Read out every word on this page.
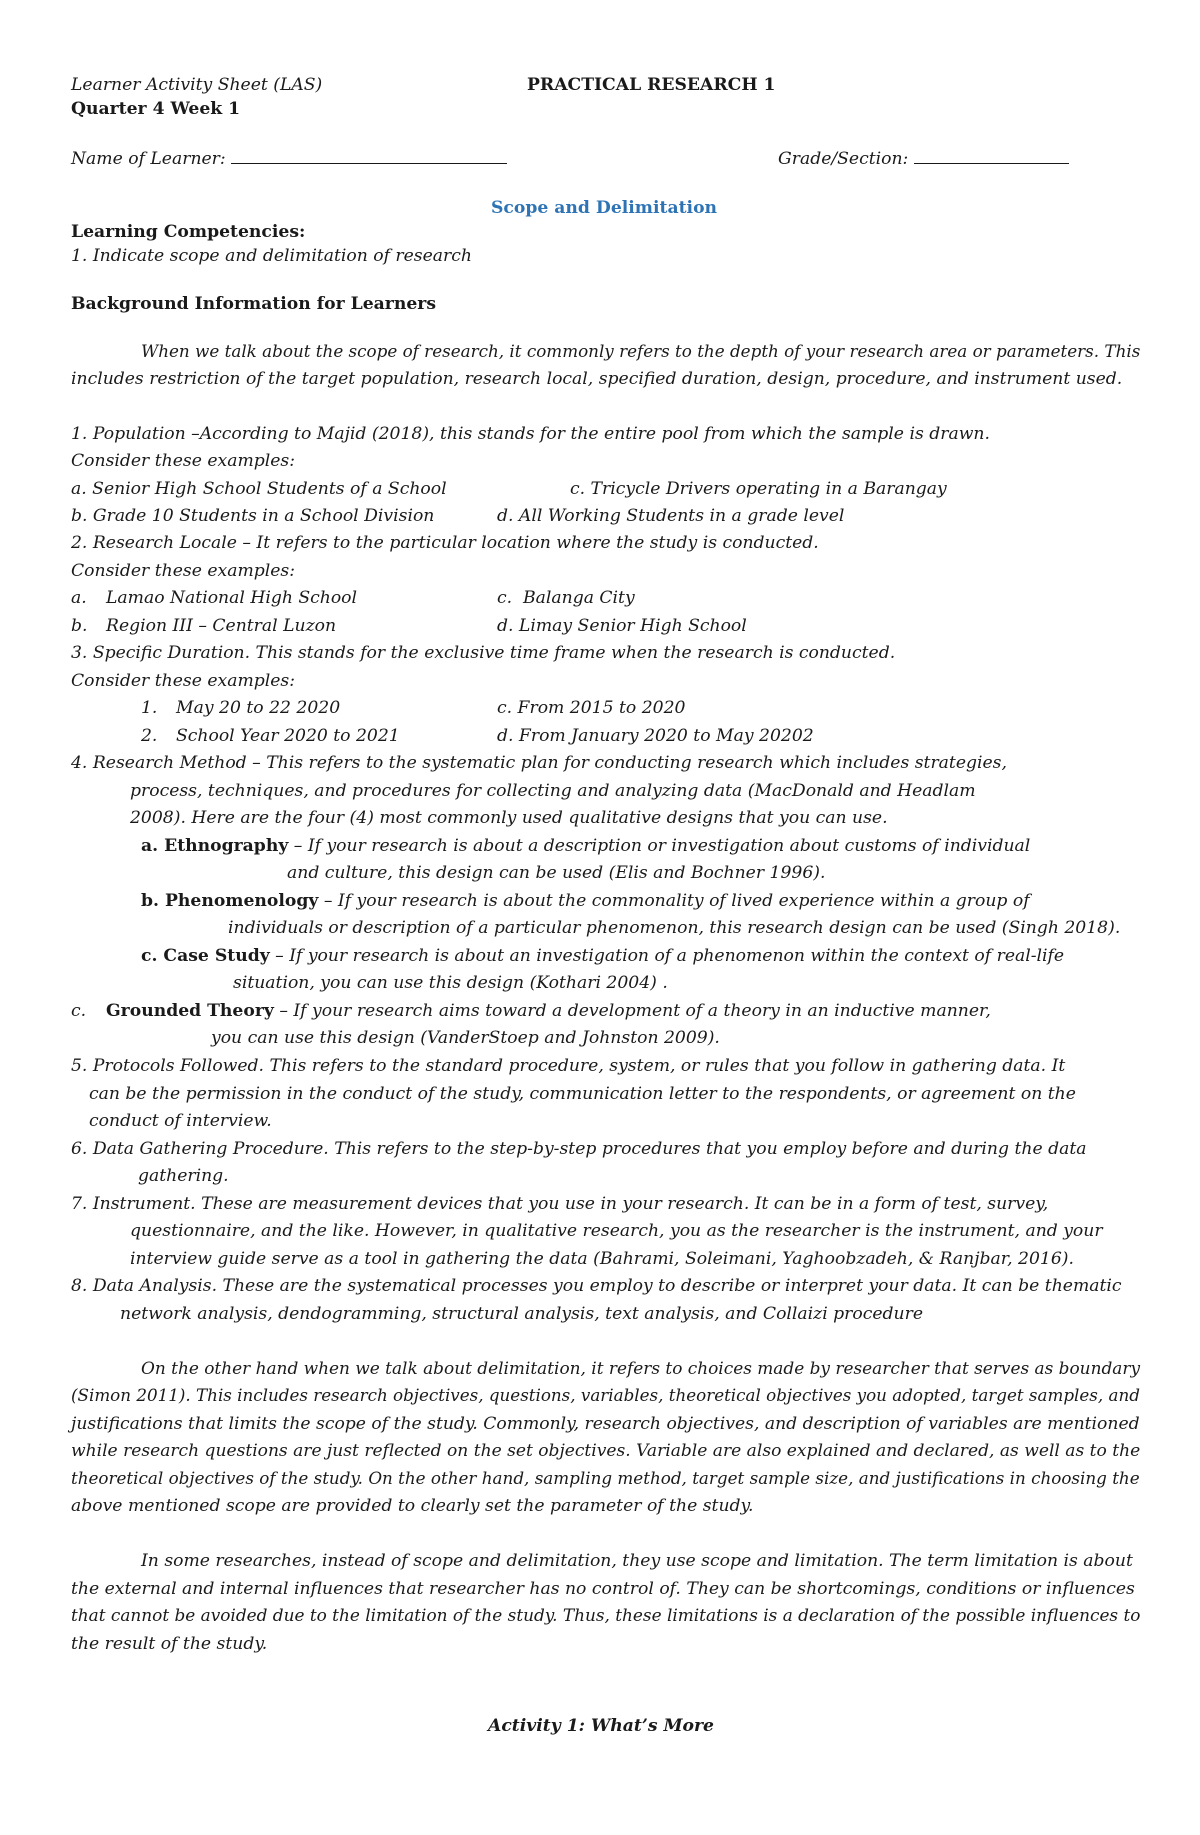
Learner Activity Sheet (LAS)	PRACTICAL RESEARCH 1
Quarter 4 Week 1
Name of Learner:	Grade/Section:
Scope and Delimitation
Learning Competencies:
1. Indicate scope and delimitation of research
Background Information for Learners
When we talk about the scope of research, it commonly refers to the depth of your research area or parameters. This
includes restriction of the target population, research local, specified duration, design, procedure, and instrument used.
1. Population –According to Majid (2018), this stands for the entire pool from which the sample is drawn.
Consider these examples:
a. Senior High School Students of a School	c. Tricycle Drivers operating in a Barangay
b. Grade 10 Students in a School Division	d. All Working Students in a grade level
2. Research Locale – It refers to the particular location where the study is conducted.
Consider these examples:
a. Lamao National High School	c. Balanga City
b. Region III – Central Luzon	d. Limay Senior High School
3. Specific Duration. This stands for the exclusive time frame when the research is conducted.
Consider these examples:
1. May 20 to 22 2020	c. From 2015 to 2020
2. School Year 2020 to 2021	d. From January 2020 to May 20202
4. Research Method – This refers to the systematic plan for conducting research which includes strategies,
process, techniques, and procedures for collecting and analyzing data (MacDonald and Headlam
2008). Here are the four (4) most commonly used qualitative designs that you can use.
a. Ethnography – If your research is about a description or investigation about customs of individual
and culture, this design can be used (Elis and Bochner 1996).
b. Phenomenology – If your research is about the commonality of lived experience within a group of
individuals or description of a particular phenomenon, this research design can be used (Singh 2018).
c. Case Study – If your research is about an investigation of a phenomenon within the context of real-life
situation, you can use this design (Kothari 2004) .
c. Grounded Theory – If your research aims toward a development of a theory in an inductive manner,
you can use this design (VanderStoep and Johnston 2009).
5. Protocols Followed. This refers to the standard procedure, system, or rules that you follow in gathering data. It
can be the permission in the conduct of the study, communication letter to the respondents, or agreement on the
conduct of interview.
6. Data Gathering Procedure. This refers to the step-by-step procedures that you employ before and during the data
gathering.
7. Instrument. These are measurement devices that you use in your research. It can be in a form of test, survey,
questionnaire, and the like. However, in qualitative research, you as the researcher is the instrument, and your
interview guide serve as a tool in gathering the data (Bahrami, Soleimani, Yaghoobzadeh, & Ranjbar, 2016).
8. Data Analysis. These are the systematical processes you employ to describe or interpret your data. It can be thematic
network analysis, dendogramming, structural analysis, text analysis, and Collaizi procedure
On the other hand when we talk about delimitation, it refers to choices made by researcher that serves as boundary
(Simon 2011). This includes research objectives, questions, variables, theoretical objectives you adopted, target samples, and
justifications that limits the scope of the study. Commonly, research objectives, and description of variables are mentioned
while research questions are just reflected on the set objectives. Variable are also explained and declared, as well as to the
theoretical objectives of the study. On the other hand, sampling method, target sample size, and justifications in choosing the
above mentioned scope are provided to clearly set the parameter of the study.
In some researches, instead of scope and delimitation, they use scope and limitation. The term limitation is about
the external and internal influences that researcher has no control of. They can be shortcomings, conditions or influences
that cannot be avoided due to the limitation of the study. Thus, these limitations is a declaration of the possible influences to
the result of the study.
Activity 1: What’s More
